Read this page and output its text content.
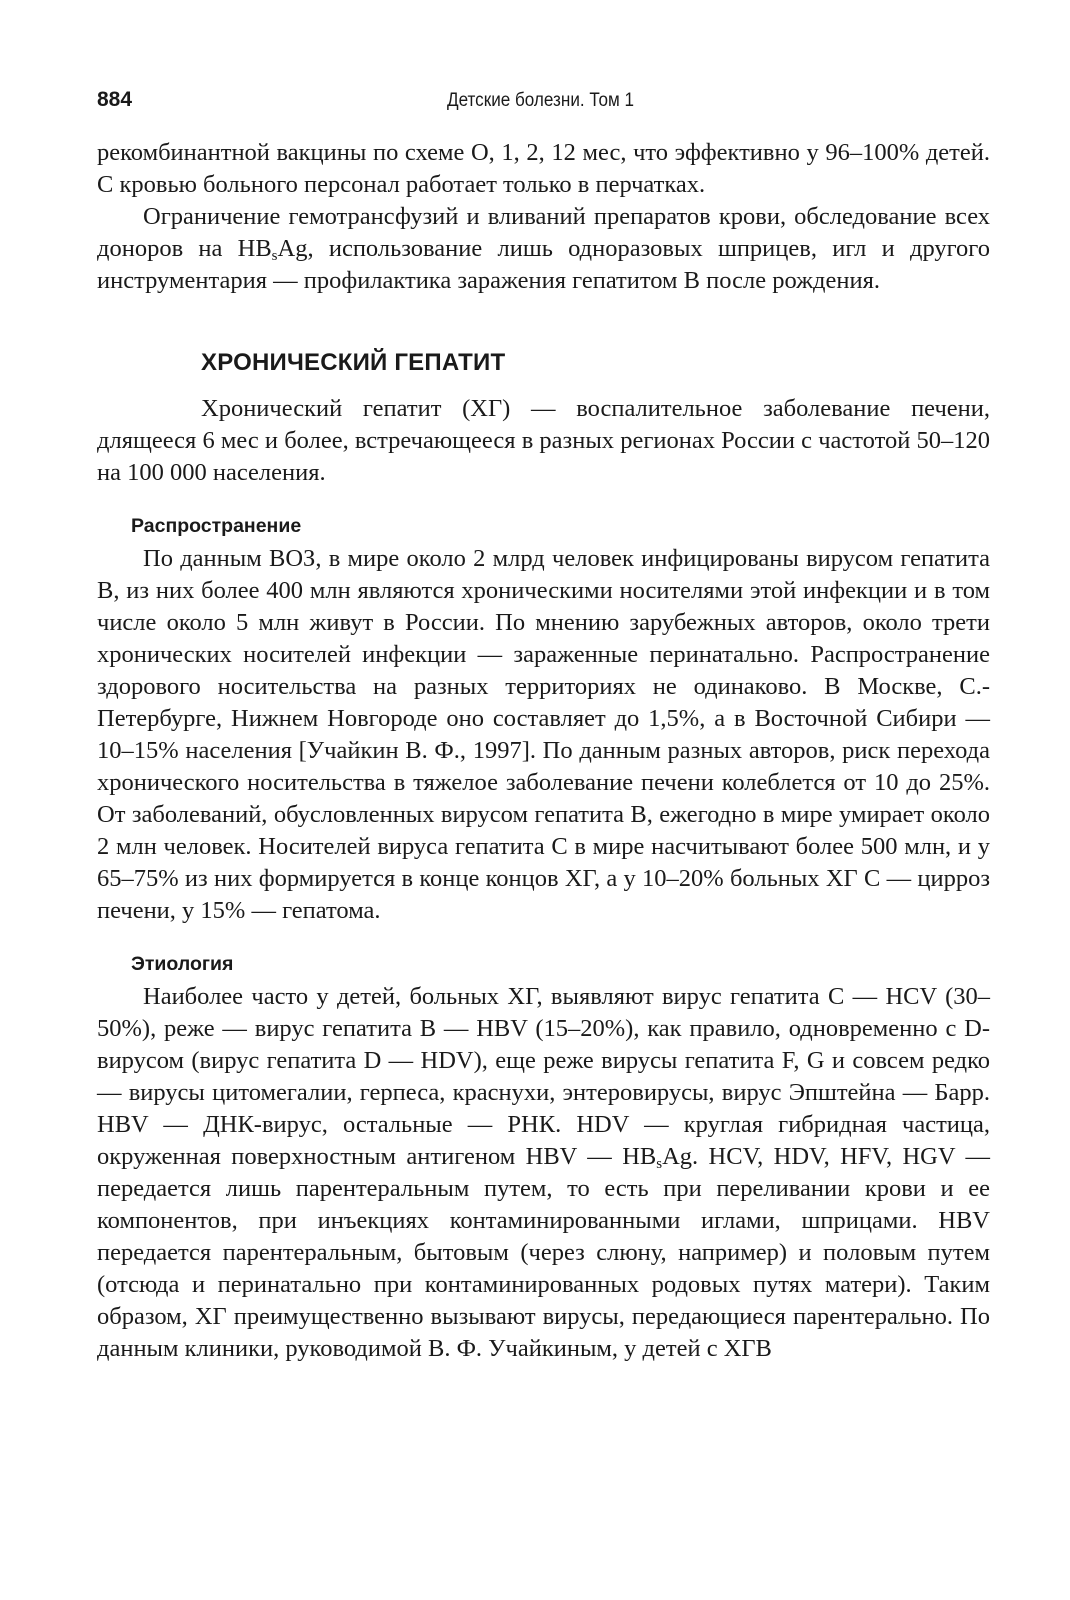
884	Детские болезни. Том 1

рекомбинантной вакцины по схеме О, 1, 2, 12 мес, что эффективно у 96–100% детей. С кровью больного персонал работает только в перчатках.

Ограничение гемотрансфузий и вливаний препаратов крови, обследование всех доноров на $HB_sAg$, использование лишь одноразовых шприцев, игл и другого инструментария — профилактика заражения гепатитом В после рождения.

ХРОНИЧЕСКИЙ ГЕПАТИТ

Хронический гепатит (ХГ) — воспалительное заболевание печени, длящееся 6 мес и более, встречающееся в разных регионах России с частотой 50–120 на 100 000 населения.

Распространение

По данным ВОЗ, в мире около 2 млрд человек инфицированы вирусом гепатита В, из них более 400 млн являются хроническими носителями этой инфекции и в том числе около 5 млн живут в России. По мнению зарубежных авторов, около трети хронических носителей инфекции — зараженные перинатально. Распространение здорового носительства на разных территориях не одинаково. В Москве, С.-Петербурге, Нижнем Новгороде оно составляет до 1,5%, а в Восточной Сибири — 10–15% населения [Учайкин В. Ф., 1997]. По данным разных авторов, риск перехода хронического носительства в тяжелое заболевание печени колеблется от 10 до 25%. От заболеваний, обусловленных вирусом гепатита В, ежегодно в мире умирает около 2 млн человек. Носителей вируса гепатита С в мире насчитывают более 500 млн, и у 65–75% из них формируется в конце концов ХГ, а у 10–20% больных ХГ С — цирроз печени, у 15% — гепатома.

Этиология

Наиболее часто у детей, больных ХГ, выявляют вирус гепатита С — HCV (30–50%), реже — вирус гепатита В — HBV (15–20%), как правило, одновременно с D-вирусом (вирус гепатита D — HDV), еще реже вирусы гепатита F, G и совсем редко — вирусы цитомегалии, герпеса, краснухи, энтеровирусы, вирус Эпштейна — Барр. HBV — ДНК-вирус, остальные — РНК. HDV — круглая гибридная частица, окруженная поверхностным антигеном HBV — $HB_sAg$. HCV, HDV, HFV, HGV — передается лишь парентеральным путем, то есть при переливании крови и ее компонентов, при инъекциях контаминированными иглами, шприцами. HBV передается парентеральным, бытовым (через слюну, например) и половым путем (отсюда и перинатально при контаминированных родовых путях матери). Таким образом, ХГ преимущественно вызывают вирусы, передающиеся парентерально. По данным клиники, руководимой В. Ф. Учайкиным, у детей с ХГВ
